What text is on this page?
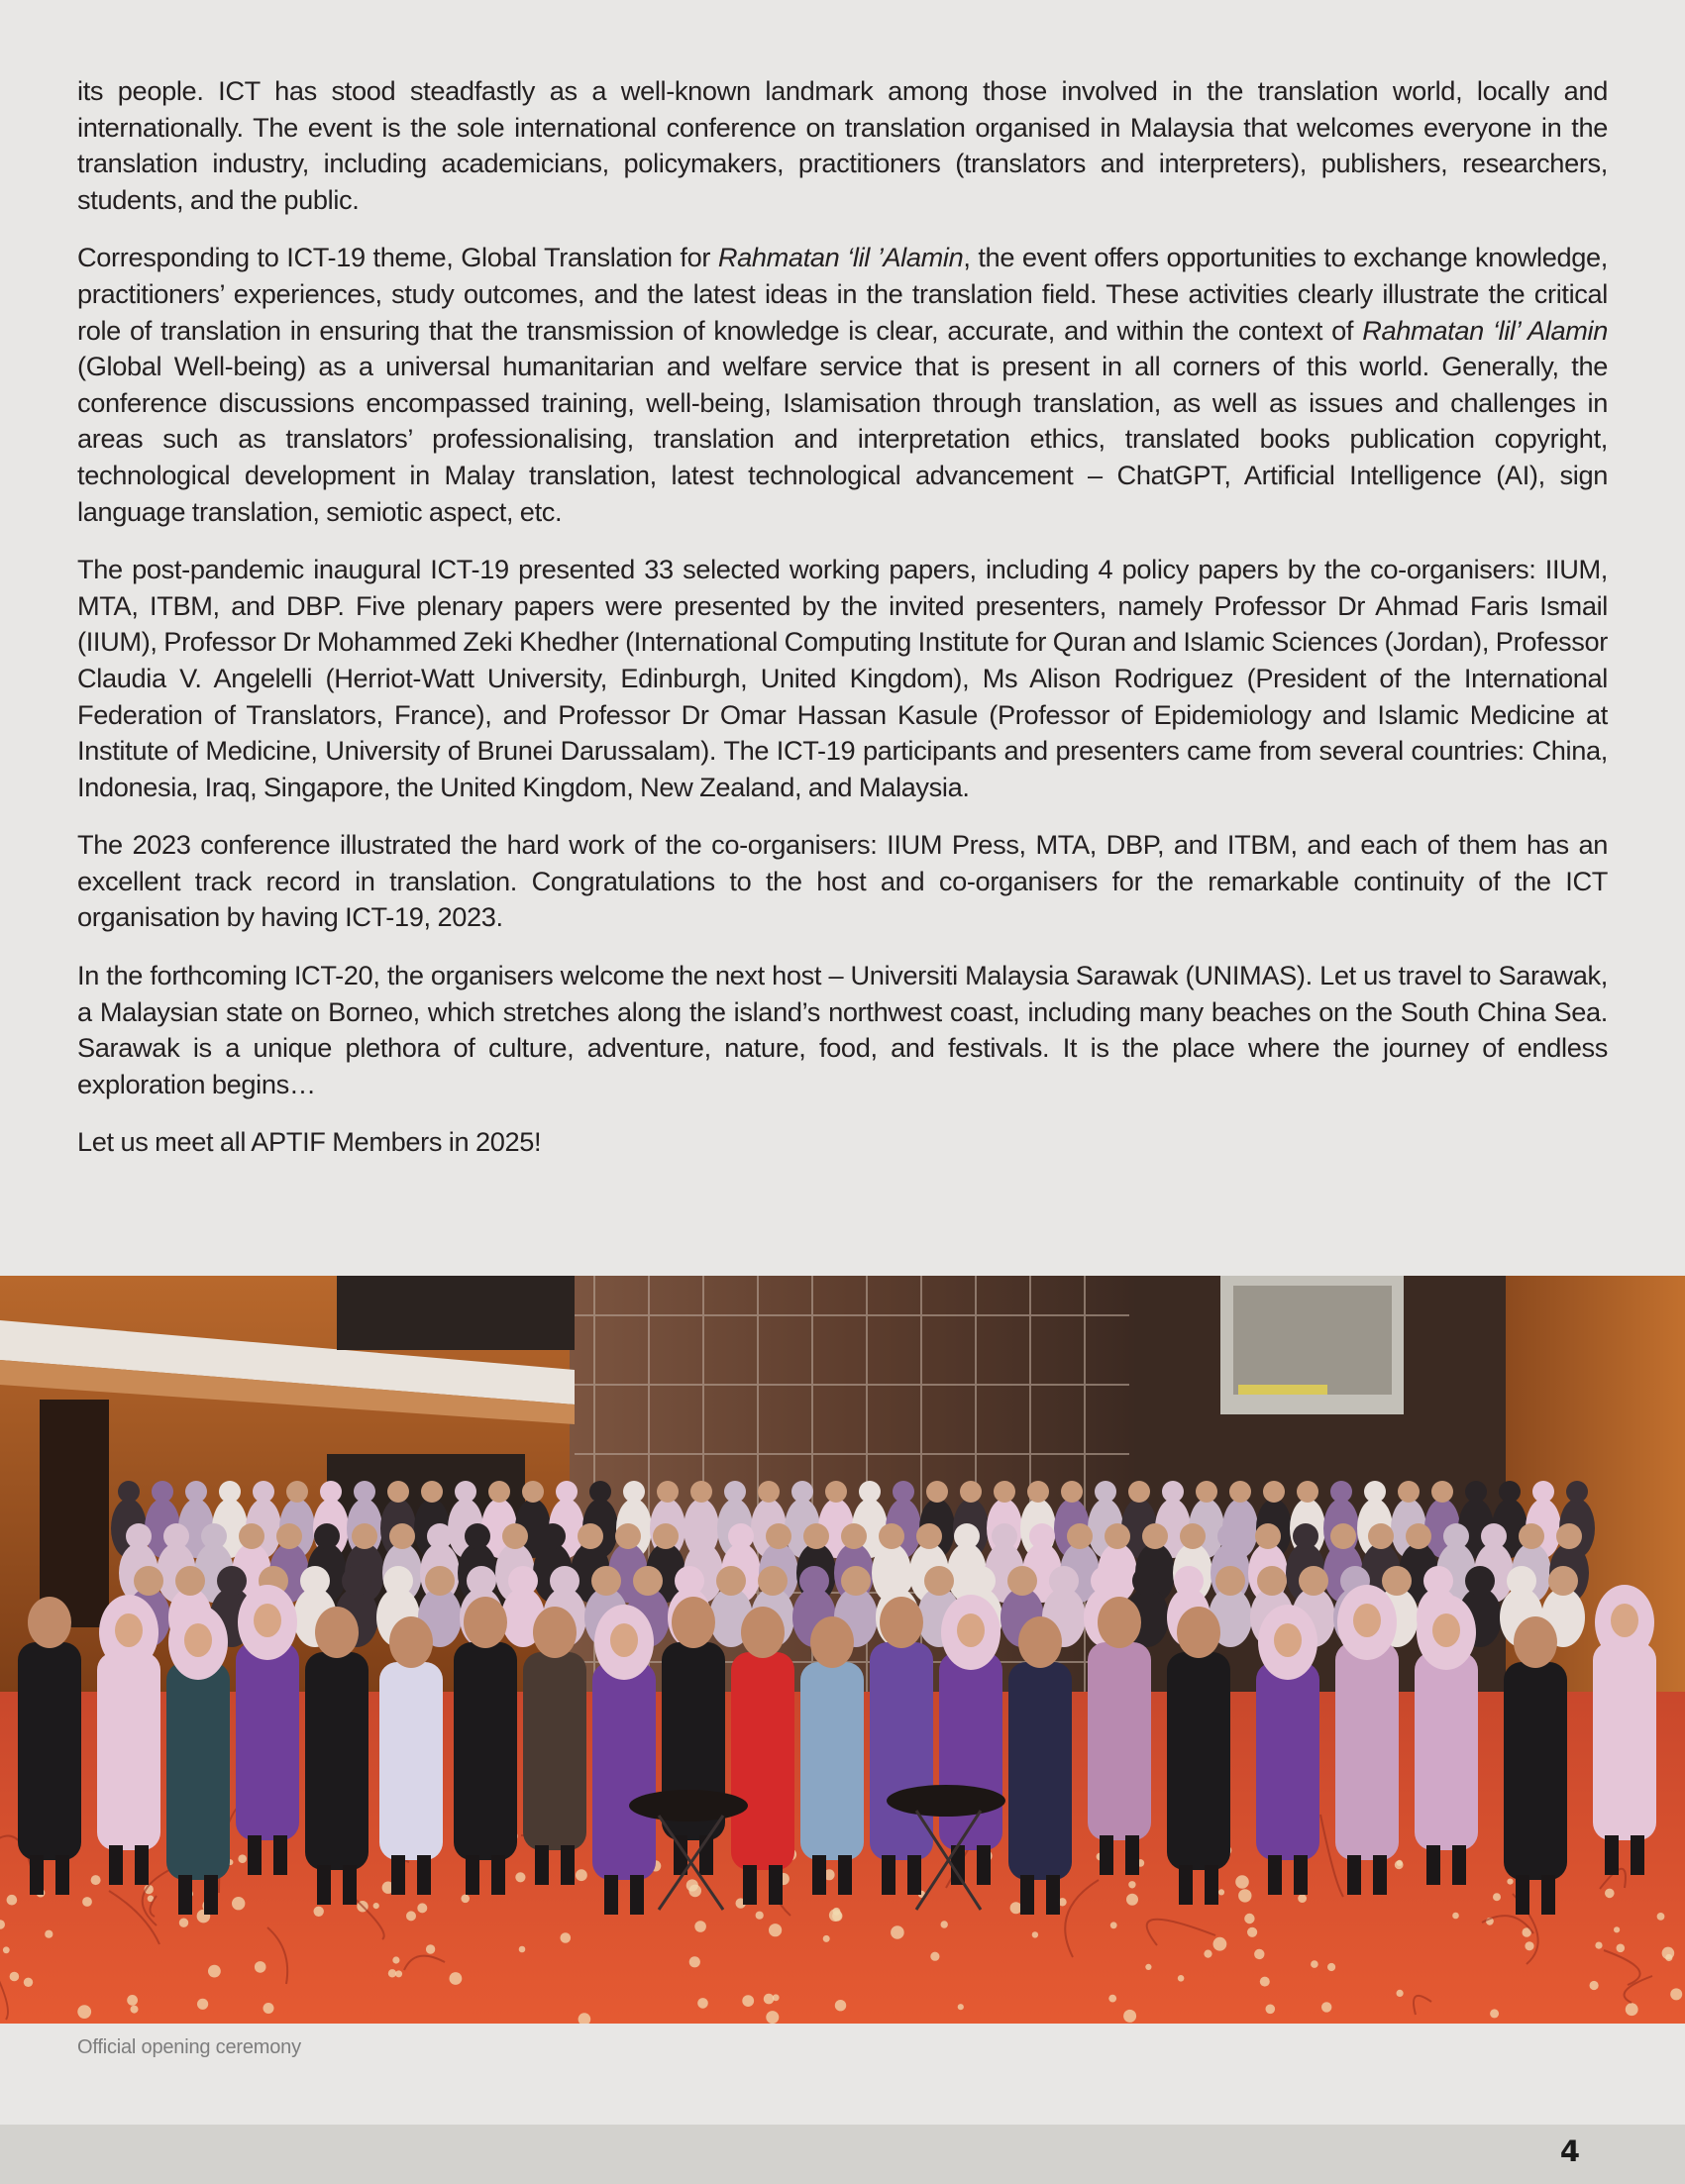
its people. ICT has stood steadfastly as a well-known landmark among those involved in the translation world, locally and internationally. The event is the sole international conference on translation organised in Malaysia that welcomes everyone in the translation industry, including academicians, policymakers, practitioners (translators and interpreters), publishers, researchers, students, and the public.

Corresponding to ICT-19 theme, Global Translation for Rahmatan ‘lil ’Alamin, the event offers opportunities to exchange knowledge, practitioners’ experiences, study outcomes, and the latest ideas in the translation field. These activities clearly illustrate the critical role of translation in ensuring that the transmission of knowledge is clear, accurate, and within the context of Rahmatan ‘lil’ Alamin (Global Well-being) as a universal humanitarian and welfare service that is present in all corners of this world. Generally, the conference discussions encompassed training, well-being, Islamisation through translation, as well as issues and challenges in areas such as translators’ professionalising, translation and interpretation ethics, translated books publication copyright, technological development in Malay translation, latest technological advancement – ChatGPT, Artificial Intelligence (AI), sign language translation, semiotic aspect, etc.

The post-pandemic inaugural ICT-19 presented 33 selected working papers, including 4 policy papers by the co-organisers: IIUM, MTA, ITBM, and DBP. Five plenary papers were presented by the invited presenters, namely Professor Dr Ahmad Faris Ismail (IIUM), Professor Dr Mohammed Zeki Khedher (International Computing Institute for Quran and Islamic Sciences (Jordan), Professor Claudia V. Angelelli (Herriot-Watt University, Edinburgh, United Kingdom), Ms Alison Rodriguez (President of the International Federation of Translators, France), and Professor Dr Omar Hassan Kasule (Professor of Epidemiology and Islamic Medicine at Institute of Medicine, University of Brunei Darussalam). The ICT-19 participants and presenters came from several countries: China, Indonesia, Iraq, Singapore, the United Kingdom, New Zealand, and Malaysia.

The 2023 conference illustrated the hard work of the co-organisers: IIUM Press, MTA, DBP, and ITBM, and each of them has an excellent track record in translation. Congratulations to the host and co-organisers for the remarkable continuity of the ICT organisation by having ICT-19, 2023.

In the forthcoming ICT-20, the organisers welcome the next host – Universiti Malaysia Sarawak (UNIMAS). Let us travel to Sarawak, a Malaysian state on Borneo, which stretches along the island’s northwest coast, including many beaches on the South China Sea. Sarawak is a unique plethora of culture, adventure, nature, food, and festivals. It is the place where the journey of endless exploration begins…

Let us meet all APTIF Members in 2025!

Official opening ceremony
4
